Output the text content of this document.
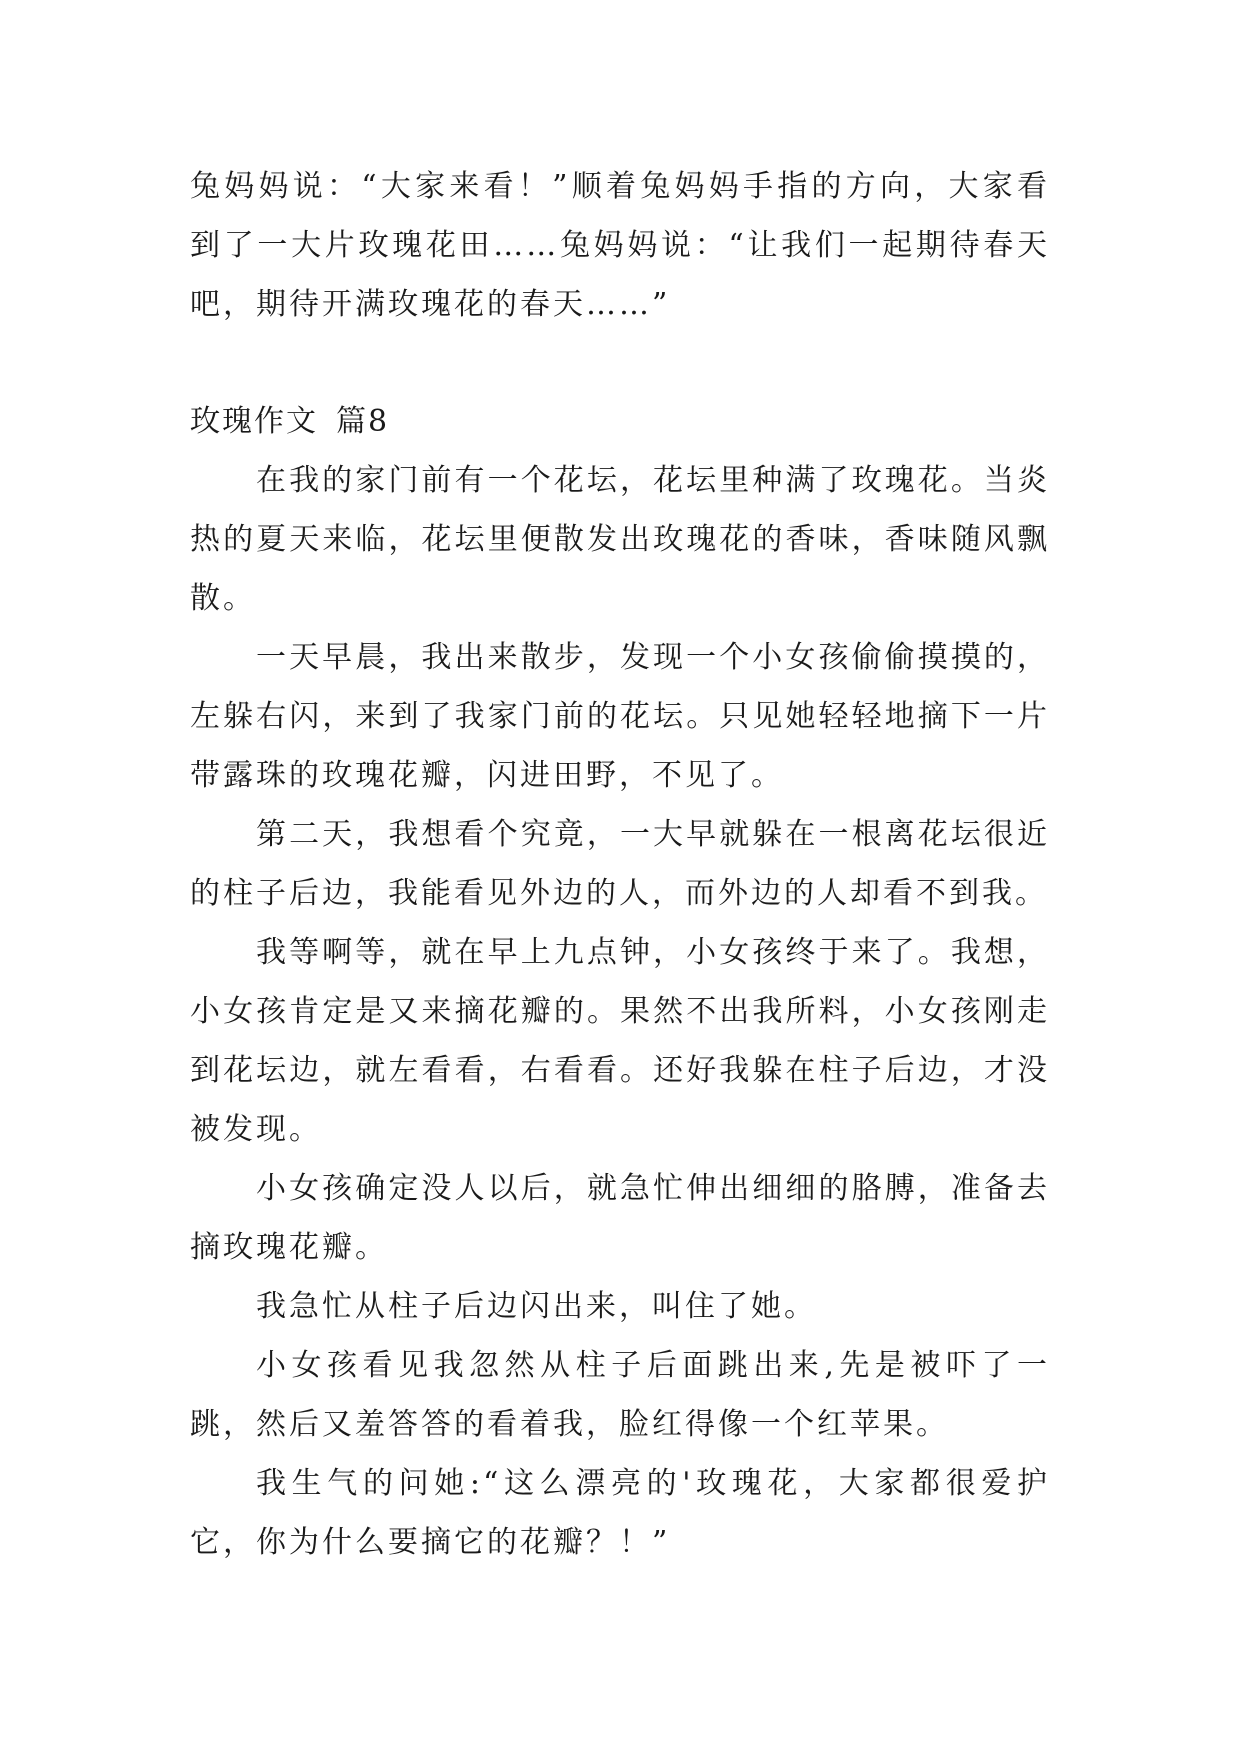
兔妈妈说：“大家来看！”顺着兔妈妈手指的方向，大家看到了一大片玫瑰花田……兔妈妈说：“让我们一起期待春天吧，期待开满玫瑰花的春天……”

玫瑰作文 篇8

在我的家门前有一个花坛，花坛里种满了玫瑰花。当炎热的夏天来临，花坛里便散发出玫瑰花的香味，香味随风飘散。

一天早晨，我出来散步，发现一个小女孩偷偷摸摸的，左躲右闪，来到了我家门前的花坛。只见她轻轻地摘下一片带露珠的玫瑰花瓣，闪进田野，不见了。

第二天，我想看个究竟，一大早就躲在一根离花坛很近的柱子后边，我能看见外边的人，而外边的人却看不到我。

我等啊等，就在早上九点钟，小女孩终于来了。我想，小女孩肯定是又来摘花瓣的。果然不出我所料，小女孩刚走到花坛边，就左看看，右看看。还好我躲在柱子后边，才没被发现。

小女孩确定没人以后，就急忙伸出细细的胳膊，准备去摘玫瑰花瓣。

我急忙从柱子后边闪出来，叫住了她。

小女孩看见我忽然从柱子后面跳出来,先是被吓了一跳，然后又羞答答的看着我，脸红得像一个红苹果。

我生气的问她:“这么漂亮的'玫瑰花，大家都很爱护它，你为什么要摘它的花瓣？！”
